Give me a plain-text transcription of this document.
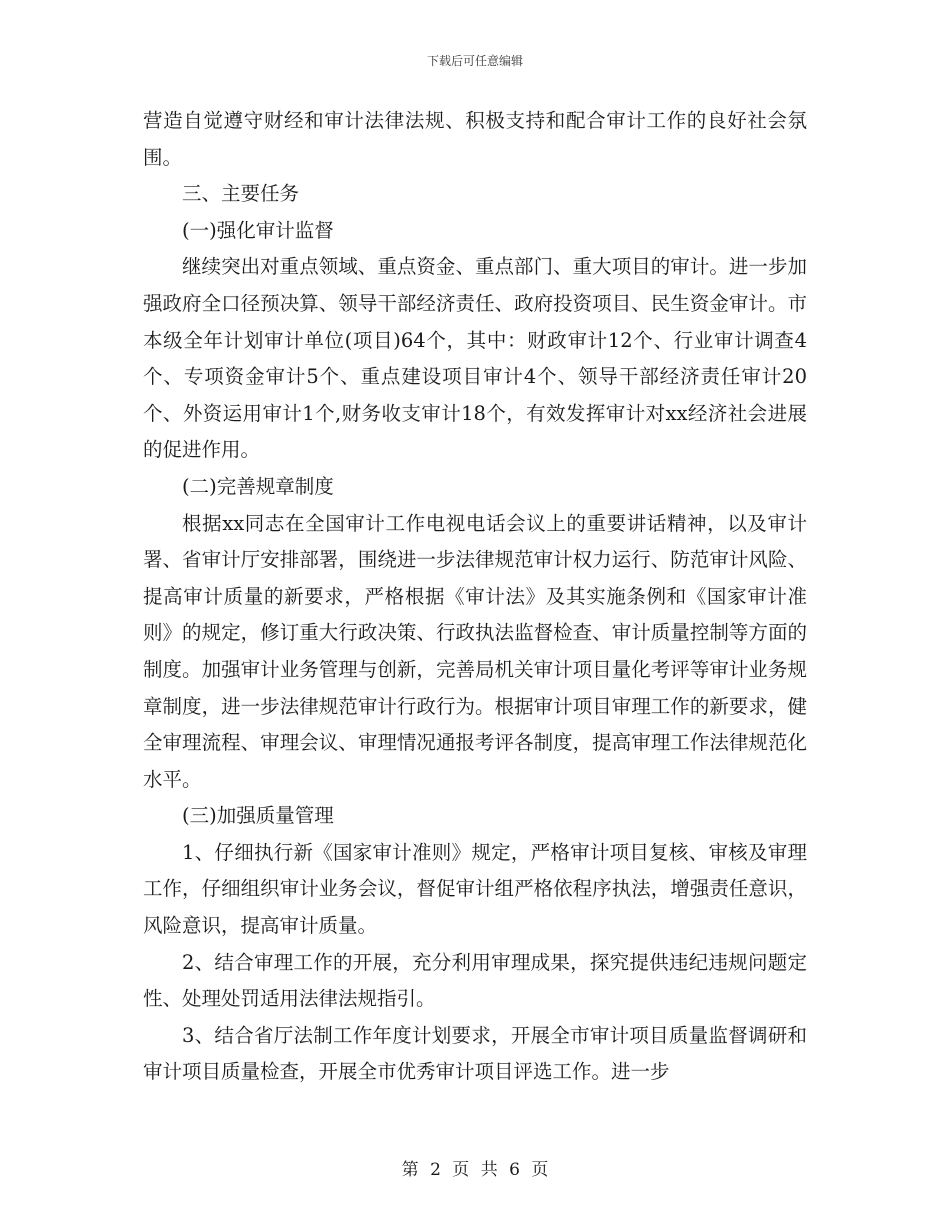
下载后可任意编辑

营造自觉遵守财经和审计法律法规、积极支持和配合审计工作的良好社会氛围。

三、主要任务

(一)强化审计监督

继续突出对重点领域、重点资金、重点部门、重大项目的审计。进一步加强政府全口径预决算、领导干部经济责任、政府投资项目、民生资金审计。市本级全年计划审计单位(项目)64个，其中：财政审计12个、行业审计调查4个、专项资金审计5个、重点建设项目审计4个、领导干部经济责任审计20个、外资运用审计1个,财务收支审计18个，有效发挥审计对xx经济社会进展的促进作用。

(二)完善规章制度

根据xx同志在全国审计工作电视电话会议上的重要讲话精神，以及审计署、省审计厅安排部署，围绕进一步法律规范审计权力运行、防范审计风险、提高审计质量的新要求，严格根据《审计法》及其实施条例和《国家审计准则》的规定，修订重大行政决策、行政执法监督检查、审计质量控制等方面的制度。加强审计业务管理与创新，完善局机关审计项目量化考评等审计业务规章制度，进一步法律规范审计行政行为。根据审计项目审理工作的新要求，健全审理流程、审理会议、审理情况通报考评各制度，提高审理工作法律规范化水平。

(三)加强质量管理

1、仔细执行新《国家审计准则》规定，严格审计项目复核、审核及审理工作，仔细组织审计业务会议，督促审计组严格依程序执法，增强责任意识，风险意识，提高审计质量。

2、结合审理工作的开展，充分利用审理成果，探究提供违纪违规问题定性、处理处罚适用法律法规指引。

3、结合省厅法制工作年度计划要求，开展全市审计项目质量监督调研和审计项目质量检查，开展全市优秀审计项目评选工作。进一步

第 2 页 共 6 页
